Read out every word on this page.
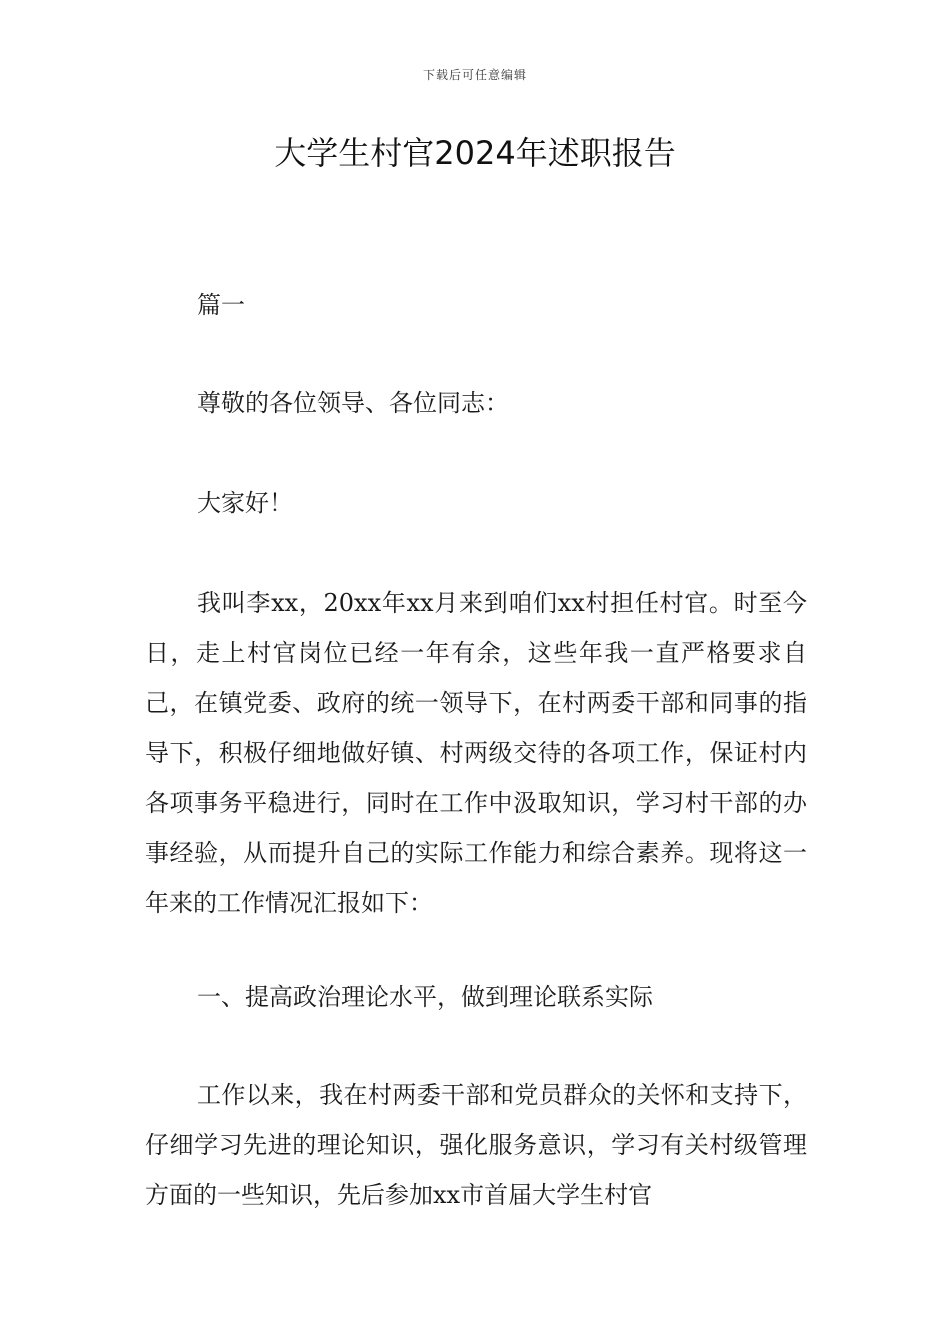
下载后可任意编辑
大学生村官2024年述职报告

篇一

尊敬的各位领导、各位同志：

大家好！

我叫李xx，20xx年xx月来到咱们xx村担任村官。时至今日，走上村官岗位已经一年有余，这些年我一直严格要求自己，在镇党委、政府的统一领导下，在村两委干部和同事的指导下，积极仔细地做好镇、村两级交待的各项工作，保证村内各项事务平稳进行，同时在工作中汲取知识，学习村干部的办事经验，从而提升自己的实际工作能力和综合素养。现将这一年来的工作情况汇报如下：

一、提高政治理论水平，做到理论联系实际

工作以来，我在村两委干部和党员群众的关怀和支持下，仔细学习先进的理论知识，强化服务意识，学习有关村级管理方面的一些知识，先后参加xx市首届大学生村官
